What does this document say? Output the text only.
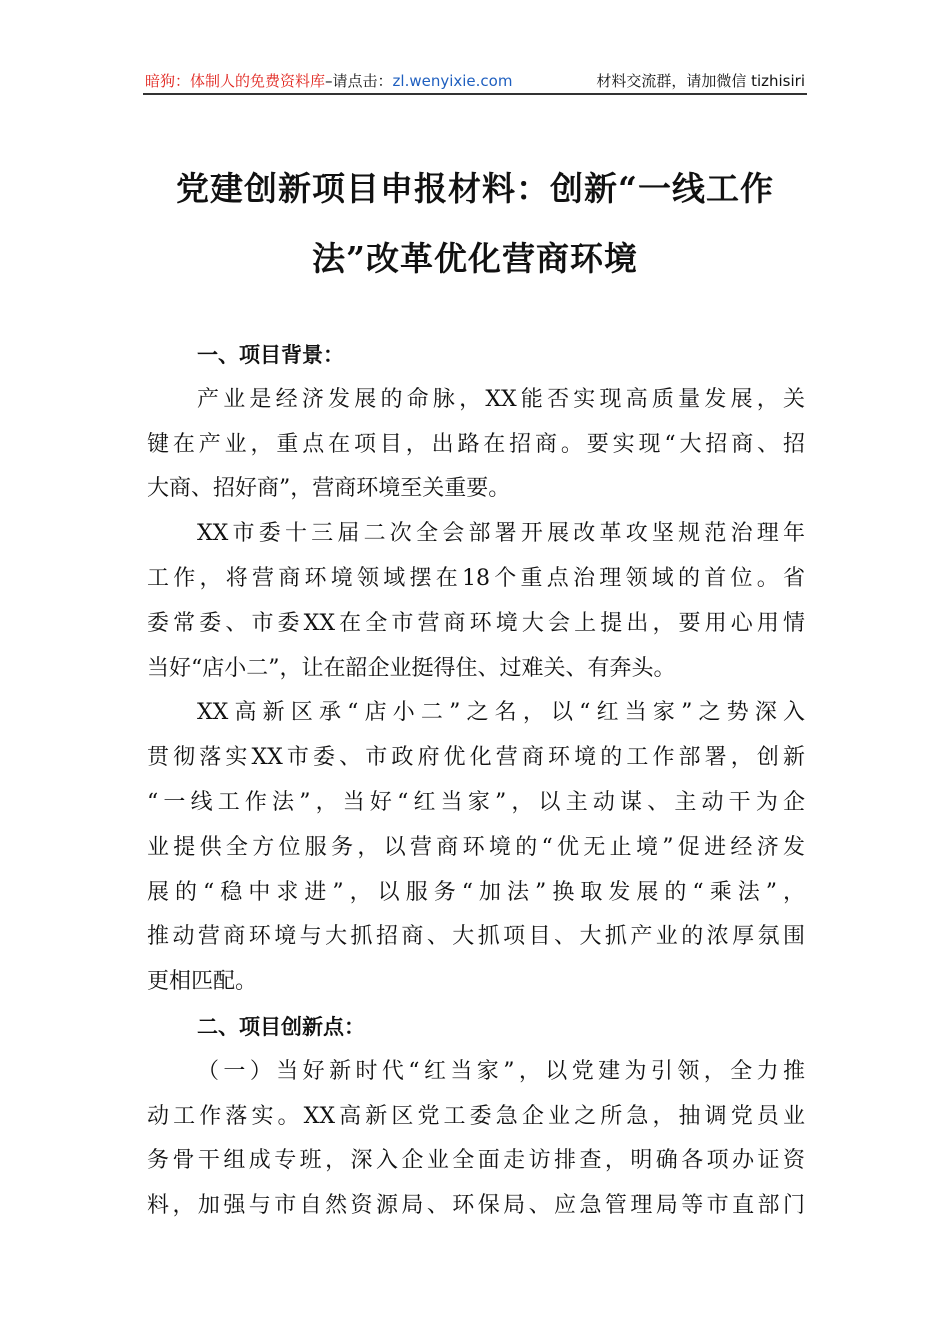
暗狗：体制人的免费资料库–请点击：zl.wenyixie.com	材料交流群，请加微信 tizhisiri
党建创新项目申报材料：创新“一线工作
法”改革优化营商环境
一、项目背景：
产业是经济发展的命脉，XX能否实现高质量发展，关
键在产业，重点在项目，出路在招商。要实现“大招商、招
大商、招好商”，营商环境至关重要。
XX市委十三届二次全会部署开展改革攻坚规范治理年
工作，将营商环境领域摆在18个重点治理领域的首位。省
委常委、市委XX在全市营商环境大会上提出，要用心用情
当好“店小二”，让在韶企业挺得住、过难关、有奔头。
XX高新区承“店小二”之名，以“红当家”之势深入
贯彻落实XX市委、市政府优化营商环境的工作部署，创新
“一线工作法”，当好“红当家”，以主动谋、主动干为企
业提供全方位服务，以营商环境的“优无止境”促进经济发
展的“稳中求进”，以服务“加法”换取发展的“乘法”，
推动营商环境与大抓招商、大抓项目、大抓产业的浓厚氛围
更相匹配。
二、项目创新点：
（一）当好新时代“红当家”，以党建为引领，全力推
动工作落实。XX高新区党工委急企业之所急，抽调党员业
务骨干组成专班，深入企业全面走访排查，明确各项办证资
料，加强与市自然资源局、环保局、应急管理局等市直部门
